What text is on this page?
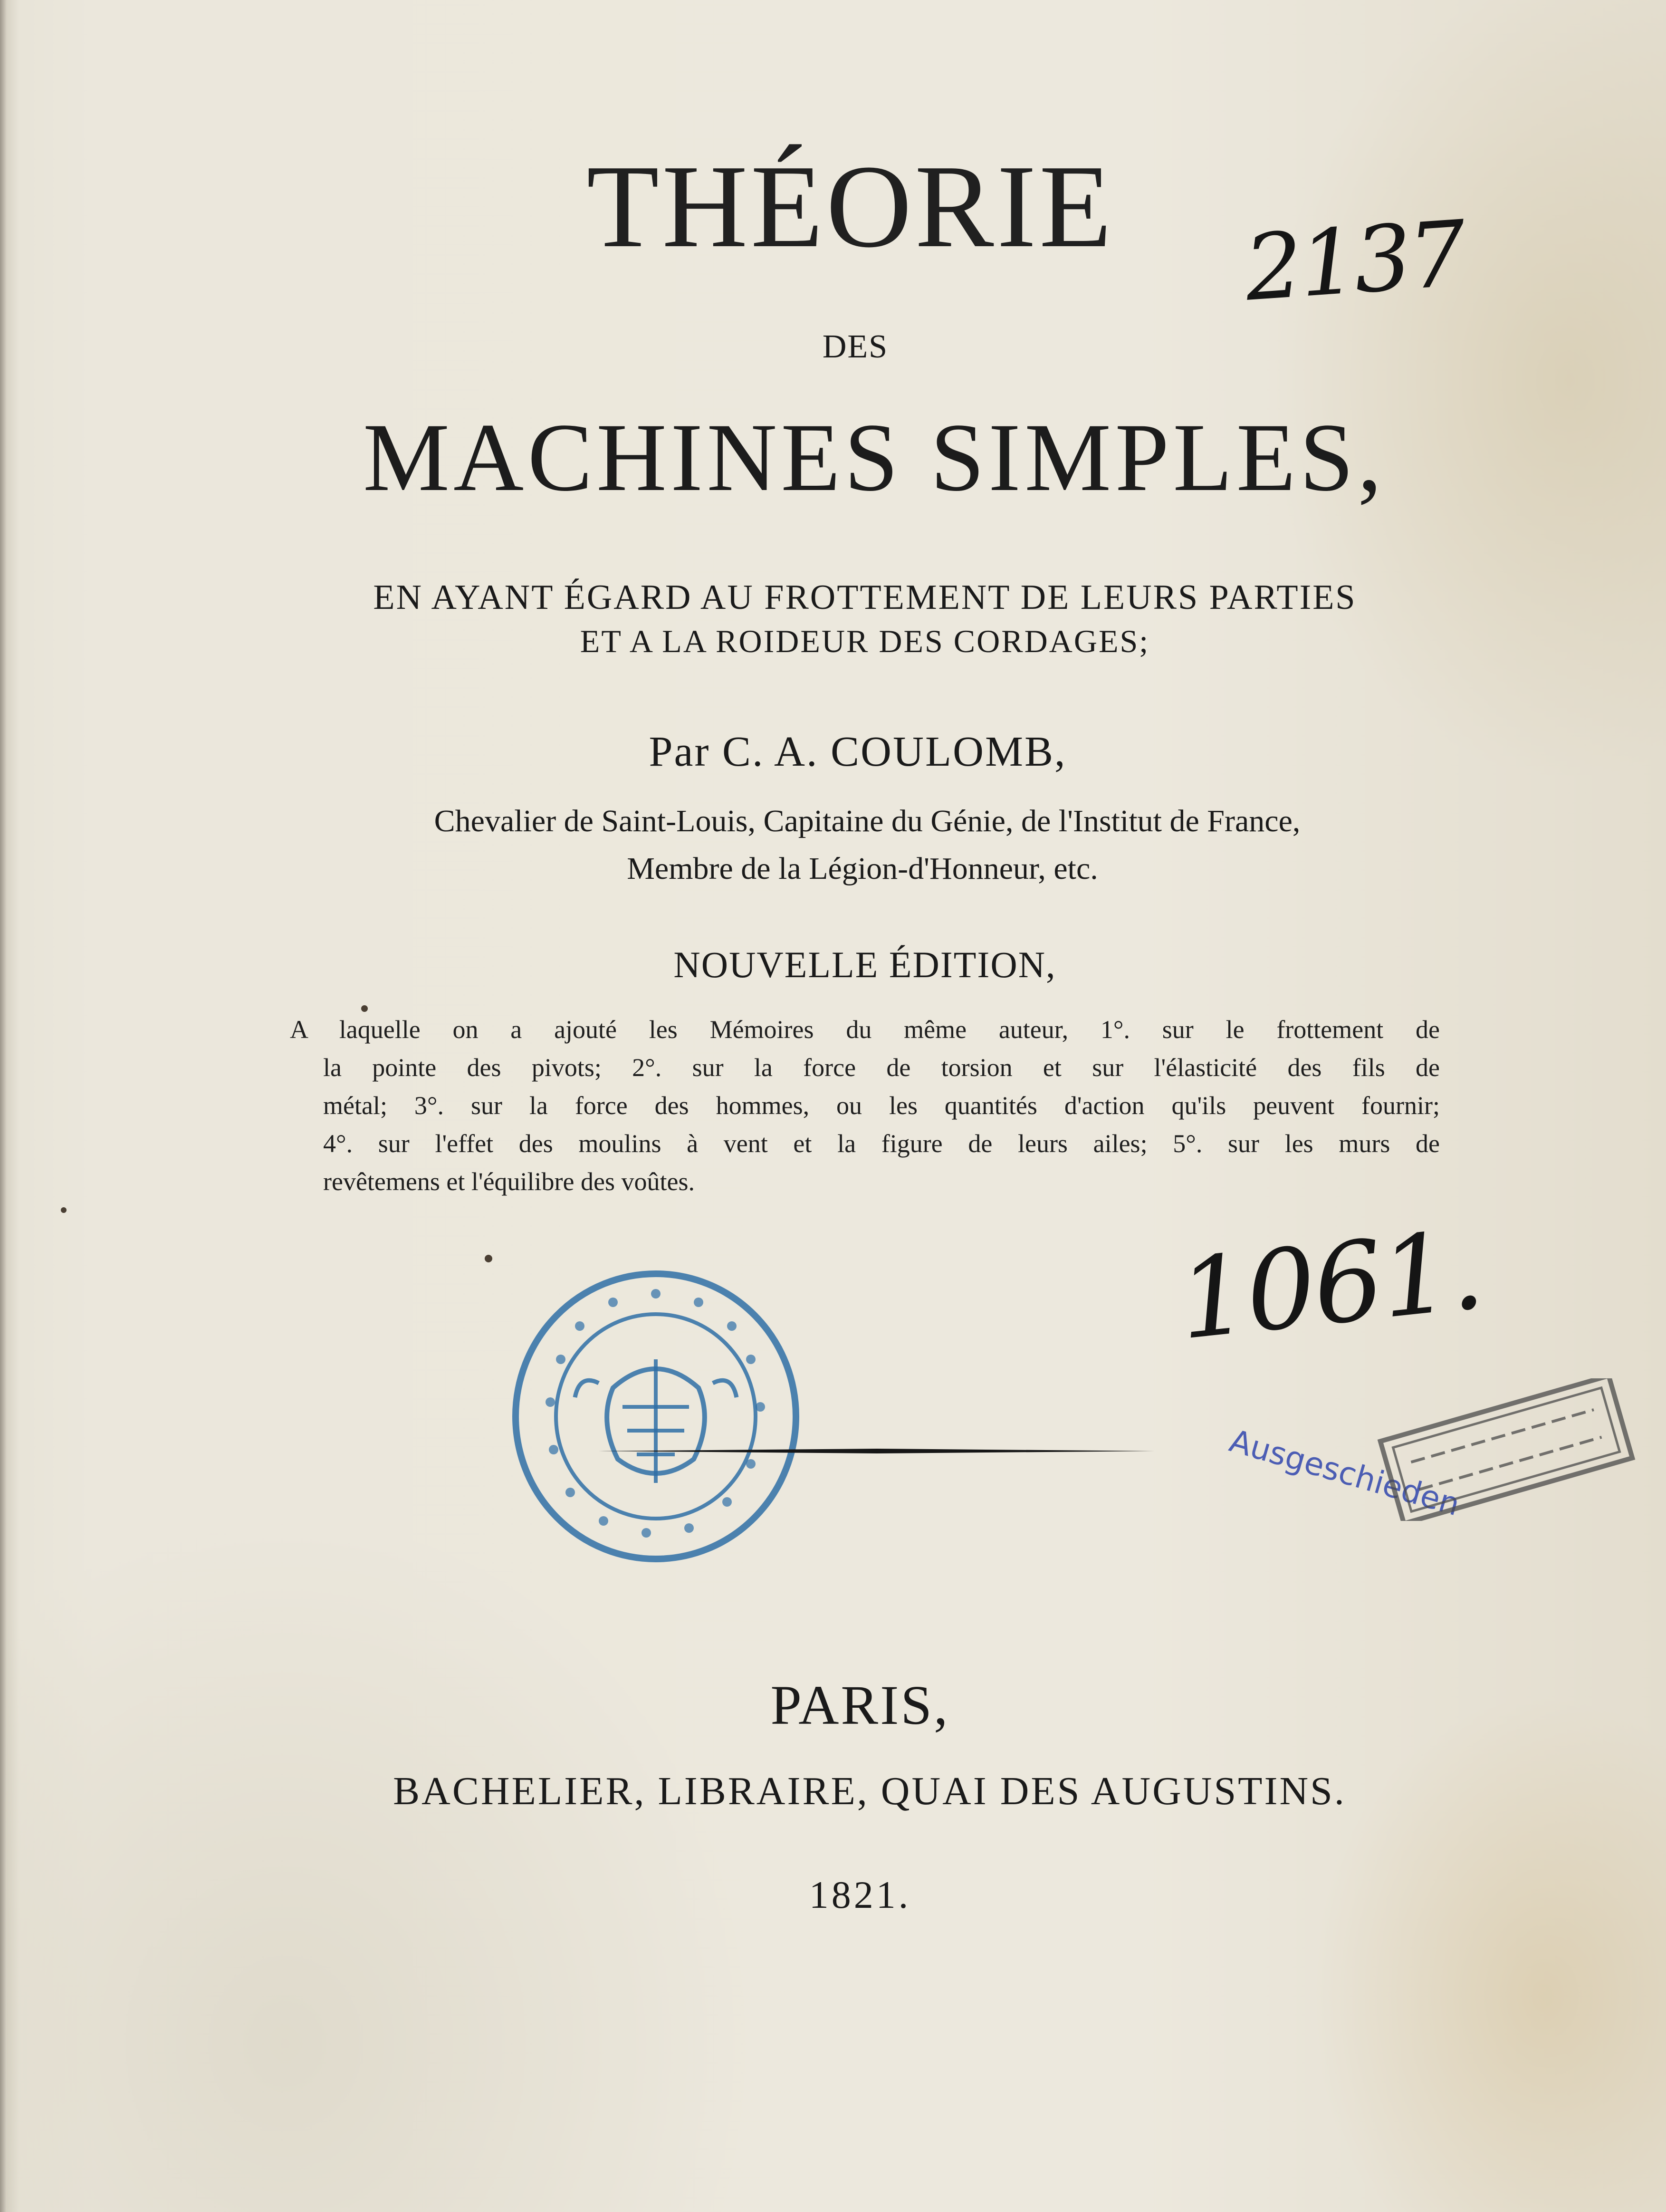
THÉORIE
DES
MACHINES SIMPLES,
EN AYANT ÉGARD AU FROTTEMENT DE LEURS PARTIES
ET A LA ROIDEUR DES CORDAGES;
Par C. A. COULOMB,
Chevalier de Saint-Louis, Capitaine du Génie, de l'Institut de France,
Membre de la Légion-d'Honneur, etc.
NOUVELLE ÉDITION,
A laquelle on a ajouté les Mémoires du même auteur, 1°. sur le frottement de
la pointe des pivots; 2°. sur la force de torsion et sur l'élasticité des fils de
métal; 3°. sur la force des hommes, ou les quantités d'action qu'ils peuvent fournir;
4°. sur l'effet des moulins à vent et la figure de leurs ailes; 5°. sur les murs de
revêtemens et l'équilibre des voûtes.
2137
1061.
Ausgeschieden
PARIS,
BACHELIER, LIBRAIRE, QUAI DES AUGUSTINS.
1821.
